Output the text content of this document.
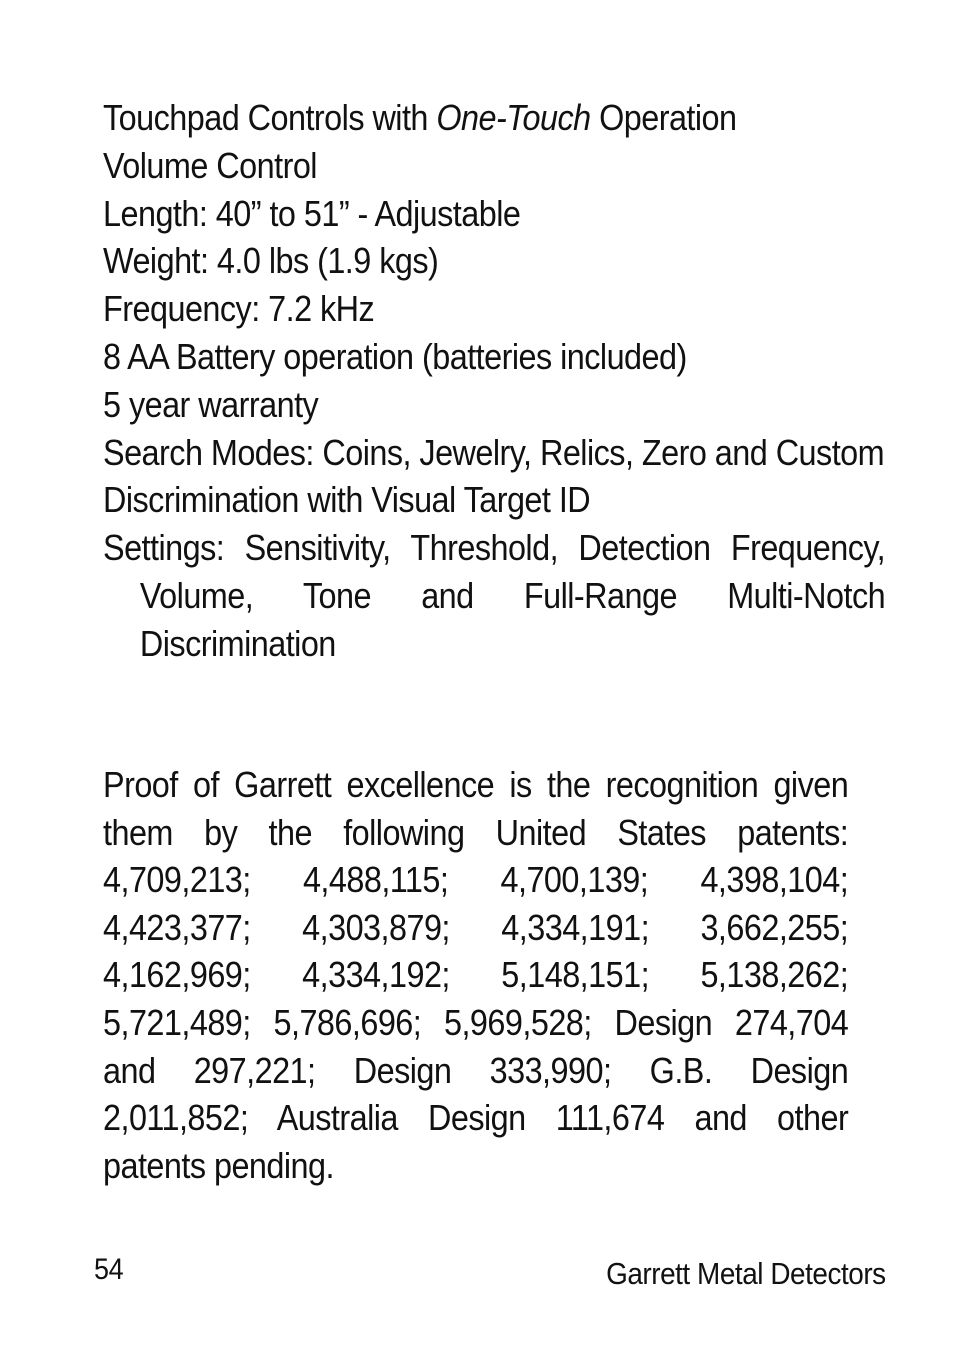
Touchpad Controls with One-Touch Operation
Volume Control
Length: 40” to 51” - Adjustable
Weight: 4.0 lbs (1.9 kgs)
Frequency: 7.2 kHz
8 AA Battery operation (batteries included)
5 year warranty
Search Modes: Coins, Jewelry, Relics, Zero and Custom
Discrimination with Visual Target ID
Settings: Sensitivity, Threshold, Detection Frequency, Volume, Tone and Full-Range Multi-Notch Discrimination

Proof of Garrett excellence is the recognition given them by the following United States patents: 4,709,213; 4,488,115; 4,700,139; 4,398,104; 4,423,377; 4,303,879; 4,334,191; 3,662,255; 4,162,969; 4,334,192; 5,148,151; 5,138,262; 5,721,489; 5,786,696; 5,969,528; Design 274,704 and 297,221; Design 333,990; G.B. Design 2,011,852; Australia Design 111,674 and other patents pending.

54	Garrett Metal Detectors
